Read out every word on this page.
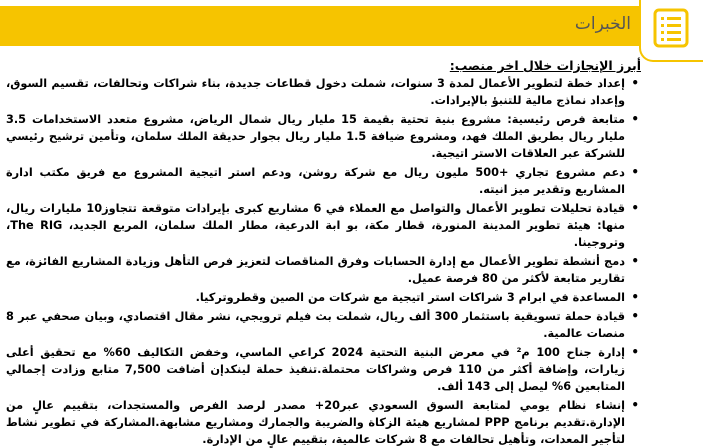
الخبرات
أبرز الإنجازات خلال اخر منصب:
• إعداد خطة لتطوير الأعمال لمدة 3 سنوات، شملت دخول قطاعات جديدة، بناء شراكات وتحالفات، تقسيم السوق، وإعداد نماذج مالية للتنبؤ بالإيرادات.
• متابعة فرص رئيسية: مشروع بنية تحتية بقيمة 15 مليار ريال شمال الرياض، مشروع متعدد الاستخدامات 3.5 مليار ريال بطريق الملك فهد، ومشروع ضيافة 1.5 مليار ريال بجوار حديقة الملك سلمان، وتأمين ترشيح رئيسي للشركة عبر العلاقات الاستر اتيجية.
• دعم مشروع تجاري +500 مليون ريال مع شركة روشن، ودعم استر اتيجية المشروع مع فريق مكتب ادارة المشاريع وتقدير ميز انيته.
• قيادة تحليلات تطوير الأعمال والتواصل مع العملاء في 6 مشاريع كبرى بإيرادات متوقعة تتجاوز10 مليارات ريال، منها: هيئة تطوير المدينة المنورة، قطار مكة، بو ابة الدرعية، مطار الملك سلمان، المربع الجديد، The RIG، وتروجينا.
• دمج أنشطة تطوير الأعمال مع إدارة الحسابات وفرق المناقصات لتعزيز فرص التأهل وزيادة المشاريع الفائزة، مع تقارير متابعة لأكثر من 80 فرصة عميل.
• المساعدة في ابرام 3 شراكات استر اتيجية مع شركات من الصين وقطروتركيا.
• قيادة حملة تسويقية باستثمار 300 ألف ريال، شملت بث فيلم ترويجي، نشر مقال اقتصادي، وبيان صحفي عبر 8 منصات عالمية.
• إدارة جناح 100 م² في معرض البنية التحتية 2024 كراعي الماسي، وخفض التكاليف 60% مع تحقيق أعلى زيارات، وإضافة أكثر من 110 فرص وشراكات محتملة.تنفيذ حملة لينكدإن أضافت 7,500 متابع وزادت إجمالي المتابعين 6% ليصل إلى 143 ألف.
• إنشاء نظام يومي لمتابعة السوق السعودي عبر20+ مصدر لرصد الفرص والمستجدات، بتقييم عالٍ من الإدارة.تقديم برنامج PPP لمشاريع هيئة الزكاة والضريبة والجمارك ومشاريع مشابهة.المشاركة في تطوير نشاط لتأجير المعدات، وتأهيل تحالفات مع 8 شركات عالمية، بتقييم عالٍ من الإدارة.
